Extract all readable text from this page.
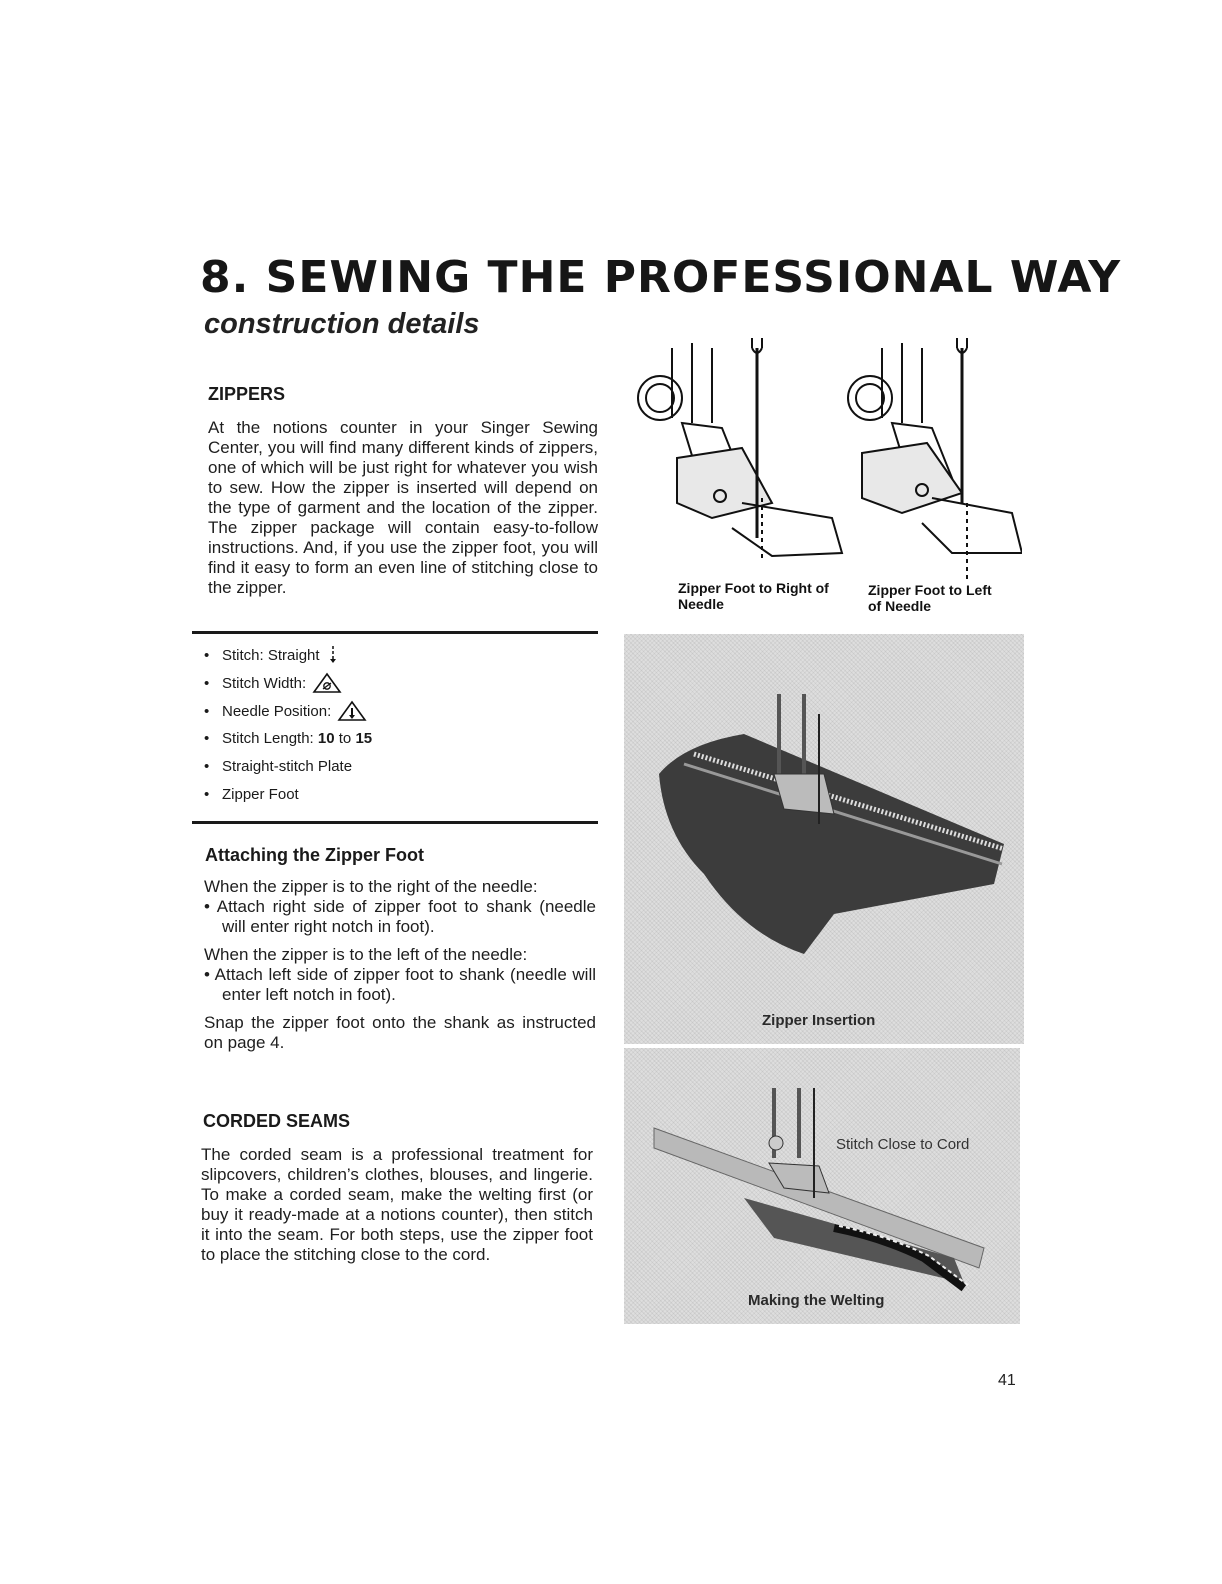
8. SEWING THE PROFESSIONAL WAY
construction details
ZIPPERS

At the notions counter in your Singer Sewing Center, you will find many different kinds of zippers, one of which will be just right for whatever you wish to sew. How the zipper is inserted will depend on the type of garment and the location of the zipper. The zipper package will contain easy-to-follow instructions. And, if you use the zipper foot, you will find it easy to form an even line of stitching close to the zipper.

• Stitch: Straight
• Stitch Width:
• Needle Position:
• Stitch Length: 10 to 15
• Straight-stitch Plate
• Zipper Foot
Attaching the Zipper Foot

When the zipper is to the right of the needle:

• Attach right side of zipper foot to shank (needle will enter right notch in foot).

When the zipper is to the left of the needle:

• Attach left side of zipper foot to shank (needle will enter left notch in foot).

Snap the zipper foot onto the shank as instructed on page 4.

CORDED SEAMS

The corded seam is a professional treatment for slipcovers, children’s clothes, blouses, and lingerie. To make a corded seam, make the welting first (or buy it ready-made at a notions counter), then stitch it into the seam. For both steps, use the zipper foot to place the stitching close to the cord.

Zipper Foot to Right of Needle

Zipper Foot to Left of Needle

Zipper Insertion
Stitch Close to Cord
Making the Welting
41
